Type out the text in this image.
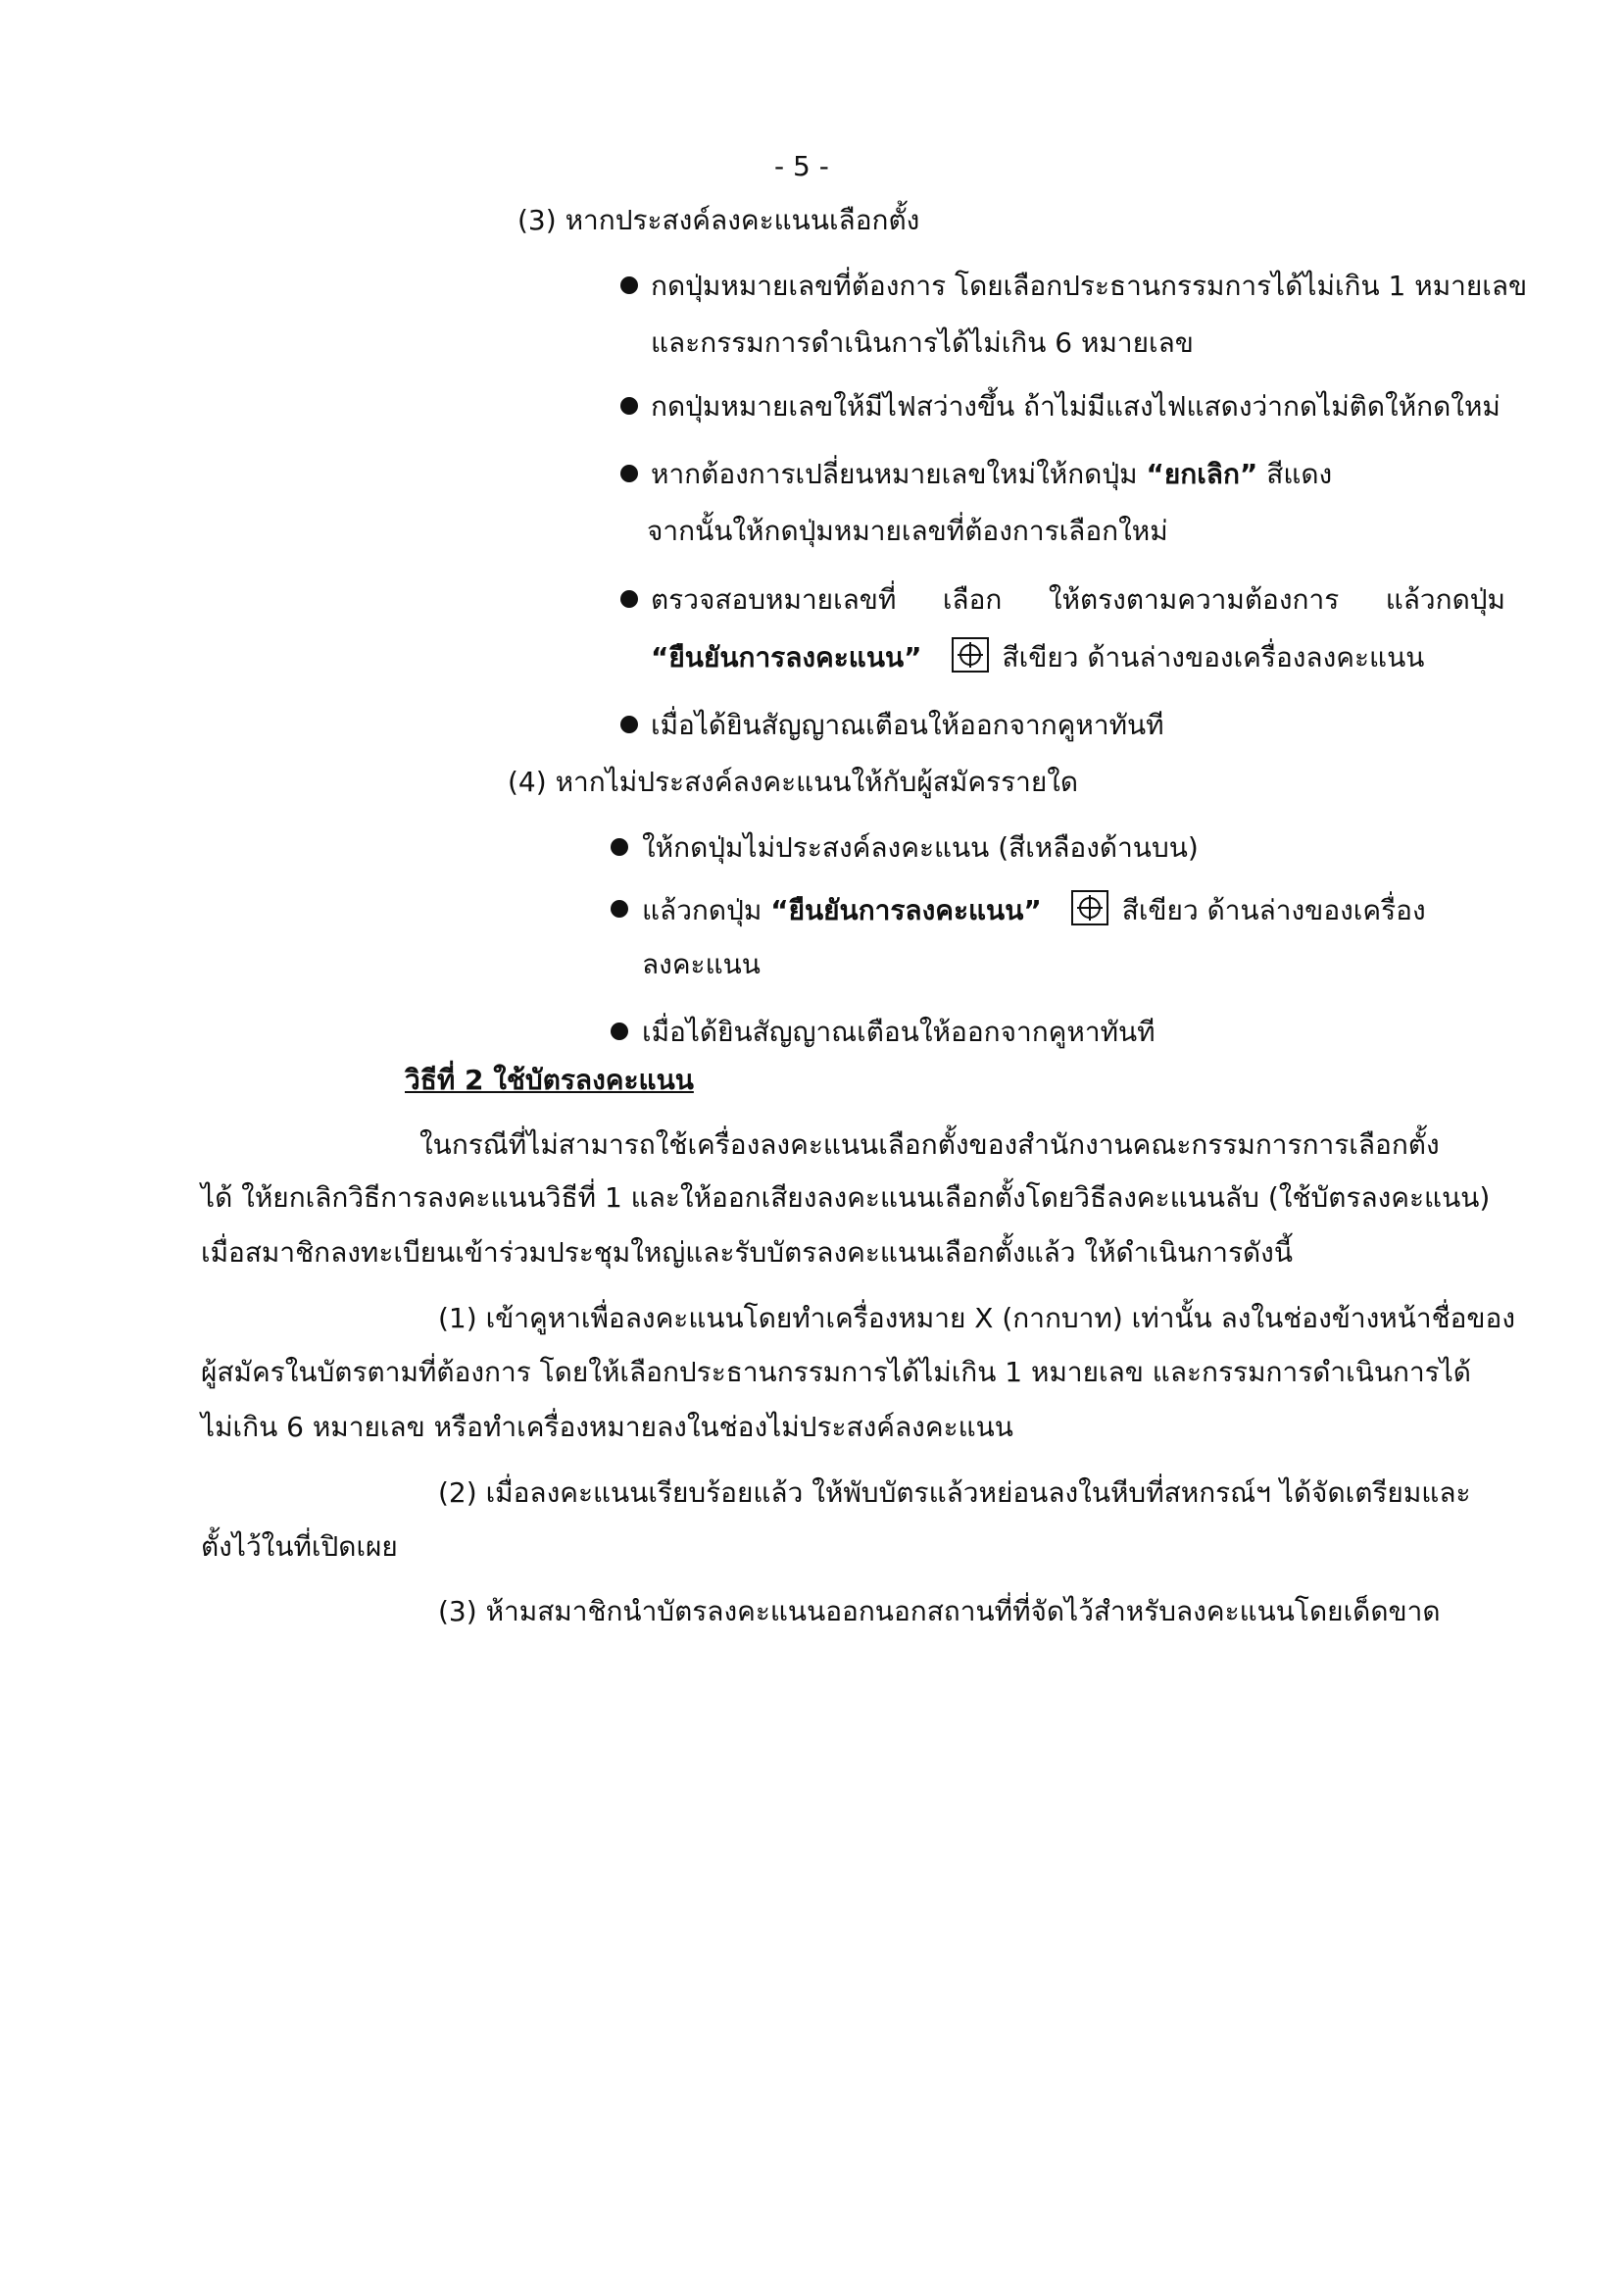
- 5 -
(3) หากประสงค์ลงคะแนนเลือกตั้ง
กดปุ่มหมายเลขที่ต้องการ โดยเลือกประธานกรรมการได้ไม่เกิน 1 หมายเลข
และกรรมการดำเนินการได้ไม่เกิน 6 หมายเลข
กดปุ่มหมายเลขให้มีไฟสว่างขึ้น ถ้าไม่มีแสงไฟแสดงว่ากดไม่ติดให้กดใหม่
หากต้องการเปลี่ยนหมายเลขใหม่ให้กดปุ่ม “ยกเลิก” สีแดง
จากนั้นให้กดปุ่มหมายเลขที่ต้องการเลือกใหม่
ตรวจสอบหมายเลขที่ เลือก ให้ตรงตามความต้องการ แล้วกดปุ่ม
“ยืนยันการลงคะแนน”	สีเขียว ด้านล่างของเครื่องลงคะแนน
เมื่อได้ยินสัญญาณเตือนให้ออกจากคูหาทันที
(4) หากไม่ประสงค์ลงคะแนนให้กับผู้สมัครรายใด
ให้กดปุ่มไม่ประสงค์ลงคะแนน (สีเหลืองด้านบน)
แล้วกดปุ่ม “ยืนยันการลงคะแนน”	สีเขียว ด้านล่างของเครื่อง
ลงคะแนน
เมื่อได้ยินสัญญาณเตือนให้ออกจากคูหาทันที
วิธีที่ 2 ใช้บัตรลงคะแนน
ในกรณีที่ไม่สามารถใช้เครื่องลงคะแนนเลือกตั้งของสำนักงานคณะกรรมการการเลือกตั้ง
ได้ ให้ยกเลิกวิธีการลงคะแนนวิธีที่ 1 และให้ออกเสียงลงคะแนนเลือกตั้งโดยวิธีลงคะแนนลับ (ใช้บัตรลงคะแนน)
เมื่อสมาชิกลงทะเบียนเข้าร่วมประชุมใหญ่และรับบัตรลงคะแนนเลือกตั้งแล้ว ให้ดำเนินการดังนี้
(1) เข้าคูหาเพื่อลงคะแนนโดยทำเครื่องหมาย X (กากบาท) เท่านั้น ลงในช่องข้างหน้าชื่อของ
ผู้สมัครในบัตรตามที่ต้องการ โดยให้เลือกประธานกรรมการได้ไม่เกิน 1 หมายเลข และกรรมการดำเนินการได้
ไม่เกิน 6 หมายเลข หรือทำเครื่องหมายลงในช่องไม่ประสงค์ลงคะแนน
(2) เมื่อลงคะแนนเรียบร้อยแล้ว ให้พับบัตรแล้วหย่อนลงในหีบที่สหกรณ์ฯ ได้จัดเตรียมและ
ตั้งไว้ในที่เปิดเผย
(3) ห้ามสมาชิกนำบัตรลงคะแนนออกนอกสถานที่ที่จัดไว้สำหรับลงคะแนนโดยเด็ดขาด
